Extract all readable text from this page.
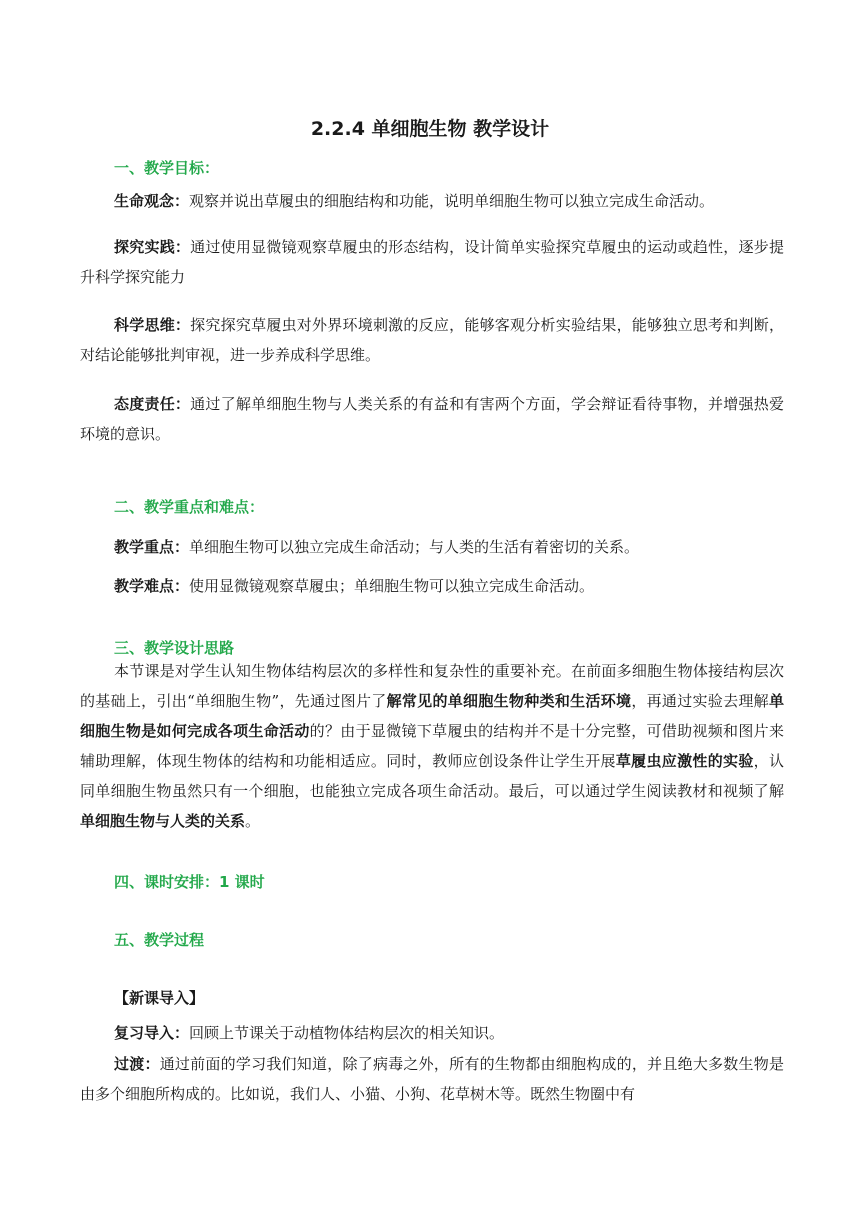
2.2.4 单细胞生物 教学设计
一、教学目标：

生命观念：观察并说出草履虫的细胞结构和功能，说明单细胞生物可以独立完成生命活动。

探究实践：通过使用显微镜观察草履虫的形态结构，设计简单实验探究草履虫的运动或趋性，逐步提升科学探究能力

科学思维：探究探究草履虫对外界环境刺激的反应，能够客观分析实验结果，能够独立思考和判断，对结论能够批判审视，进一步养成科学思维。

态度责任：通过了解单细胞生物与人类关系的有益和有害两个方面，学会辩证看待事物，并增强热爱环境的意识。

二、教学重点和难点：

教学重点：单细胞生物可以独立完成生命活动；与人类的生活有着密切的关系。

教学难点：使用显微镜观察草履虫；单细胞生物可以独立完成生命活动。

三、教学设计思路

本节课是对学生认知生物体结构层次的多样性和复杂性的重要补充。在前面多细胞生物体接结构层次的基础上，引出“单细胞生物”，先通过图片了解常见的单细胞生物种类和生活环境，再通过实验去理解单细胞生物是如何完成各项生命活动的？由于显微镜下草履虫的结构并不是十分完整，可借助视频和图片来辅助理解，体现生物体的结构和功能相适应。同时，教师应创设条件让学生开展草履虫应激性的实验，认同单细胞生物虽然只有一个细胞，也能独立完成各项生命活动。最后，可以通过学生阅读教材和视频了解单细胞生物与人类的关系。

四、课时安排：1 课时
五、教学过程
【新课导入】

复习导入：回顾上节课关于动植物体结构层次的相关知识。

过渡：通过前面的学习我们知道，除了病毒之外，所有的生物都由细胞构成的，并且绝大多数生物是由多个细胞所构成的。比如说，我们人、小猫、小狗、花草树木等。既然生物圈中有
